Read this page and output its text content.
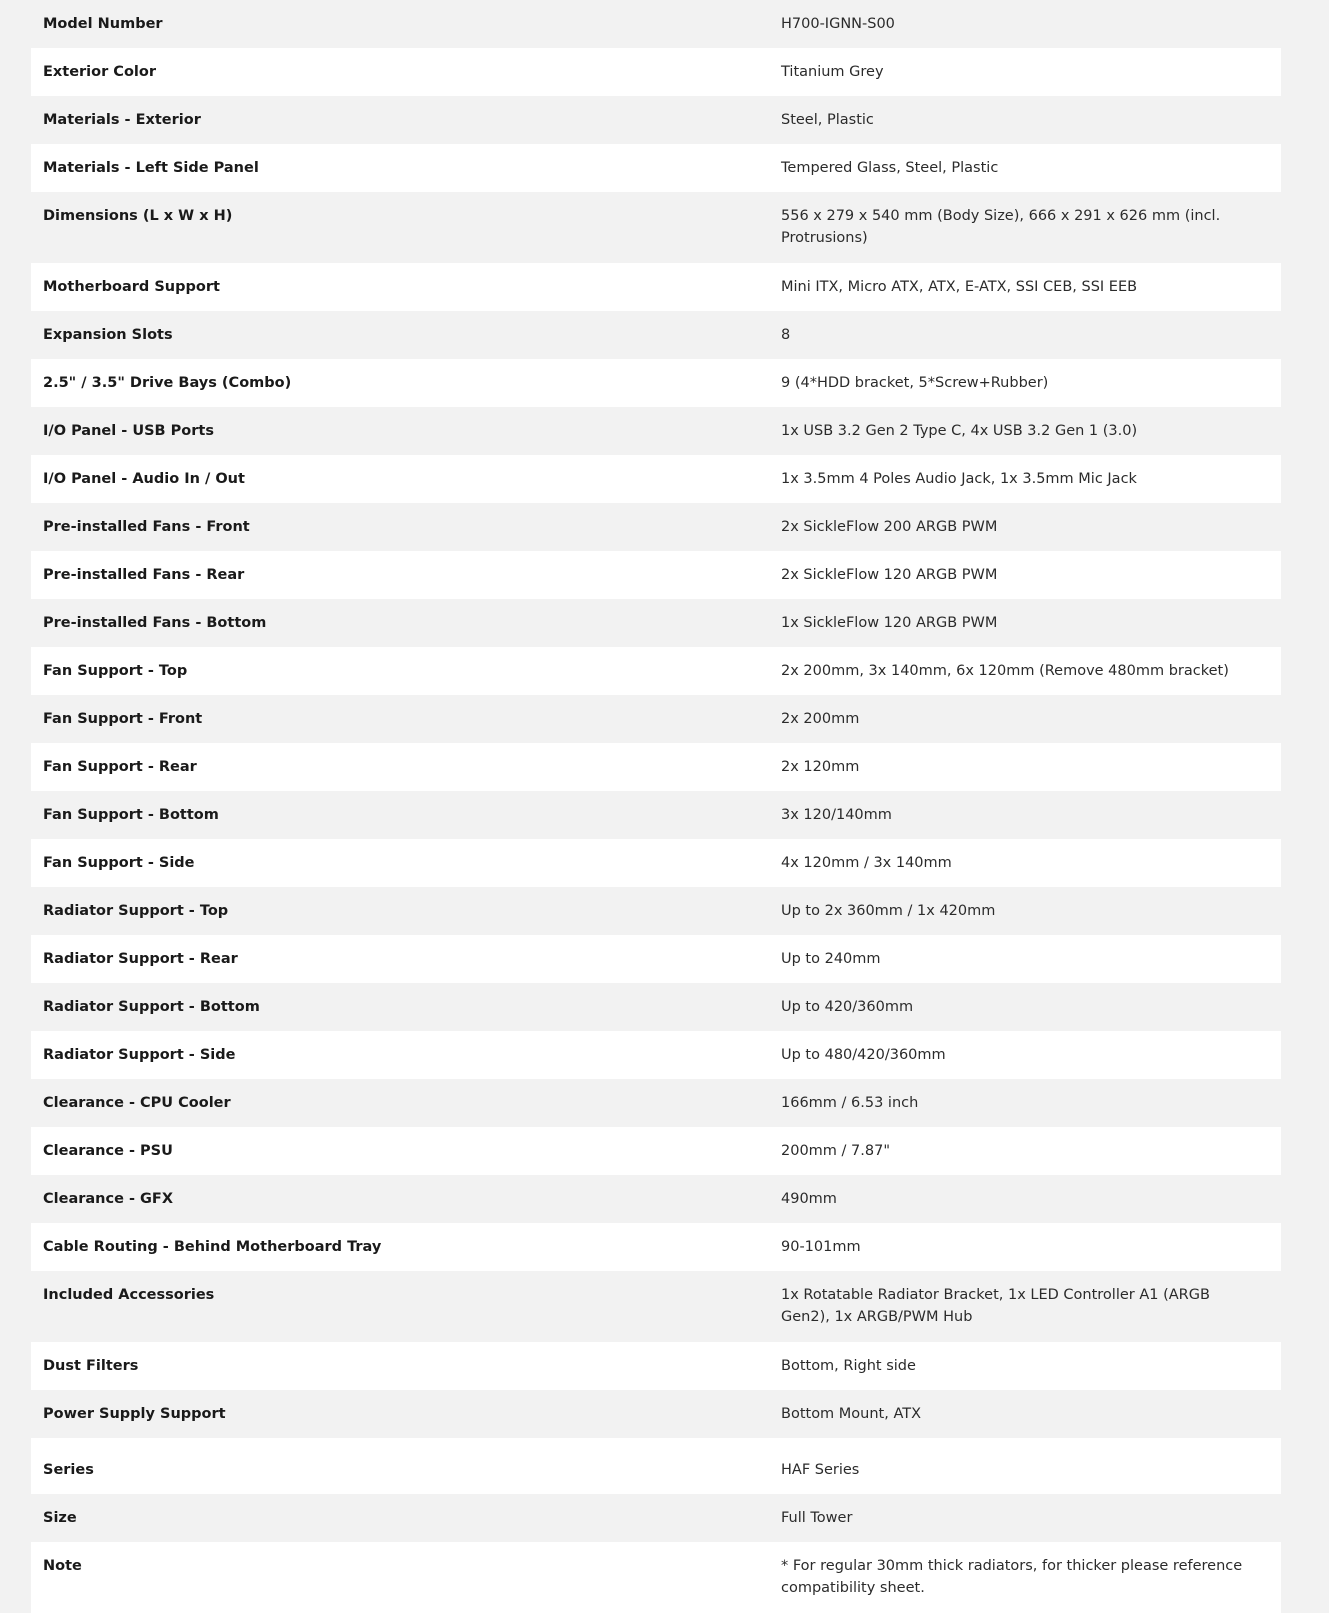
Model Number	H700-IGNN-S00
Exterior Color	Titanium Grey
Materials - Exterior	Steel, Plastic
Materials - Left Side Panel	Tempered Glass, Steel, Plastic
Dimensions (L x W x H)	556 x 279 x 540 mm (Body Size), 666 x 291 x 626 mm (incl. Protrusions)
Motherboard Support	Mini ITX, Micro ATX, ATX, E-ATX, SSI CEB, SSI EEB
Expansion Slots	8
2.5" / 3.5" Drive Bays (Combo)	9 (4*HDD bracket, 5*Screw+Rubber)
I/O Panel - USB Ports	1x USB 3.2 Gen 2 Type C, 4x USB 3.2 Gen 1 (3.0)
I/O Panel - Audio In / Out	1x 3.5mm 4 Poles Audio Jack, 1x 3.5mm Mic Jack
Pre-installed Fans - Front	2x SickleFlow 200 ARGB PWM
Pre-installed Fans - Rear	2x SickleFlow 120 ARGB PWM
Pre-installed Fans - Bottom	1x SickleFlow 120 ARGB PWM
Fan Support - Top	2x 200mm, 3x 140mm, 6x 120mm (Remove 480mm bracket)
Fan Support - Front	2x 200mm
Fan Support - Rear	2x 120mm
Fan Support - Bottom	3x 120/140mm
Fan Support - Side	4x 120mm / 3x 140mm
Radiator Support - Top	Up to 2x 360mm / 1x 420mm
Radiator Support - Rear	Up to 240mm
Radiator Support - Bottom	Up to 420/360mm
Radiator Support - Side	Up to 480/420/360mm
Clearance - CPU Cooler	166mm / 6.53 inch
Clearance - PSU	200mm / 7.87"
Clearance - GFX	490mm
Cable Routing - Behind Motherboard Tray	90-101mm
Included Accessories	1x Rotatable Radiator Bracket, 1x LED Controller A1 (ARGB Gen2), 1x ARGB/PWM Hub
Dust Filters	Bottom, Right side
Power Supply Support	Bottom Mount, ATX
Series	HAF Series
Size	Full Tower
Note	* For regular 30mm thick radiators, for thicker please reference compatibility sheet.
